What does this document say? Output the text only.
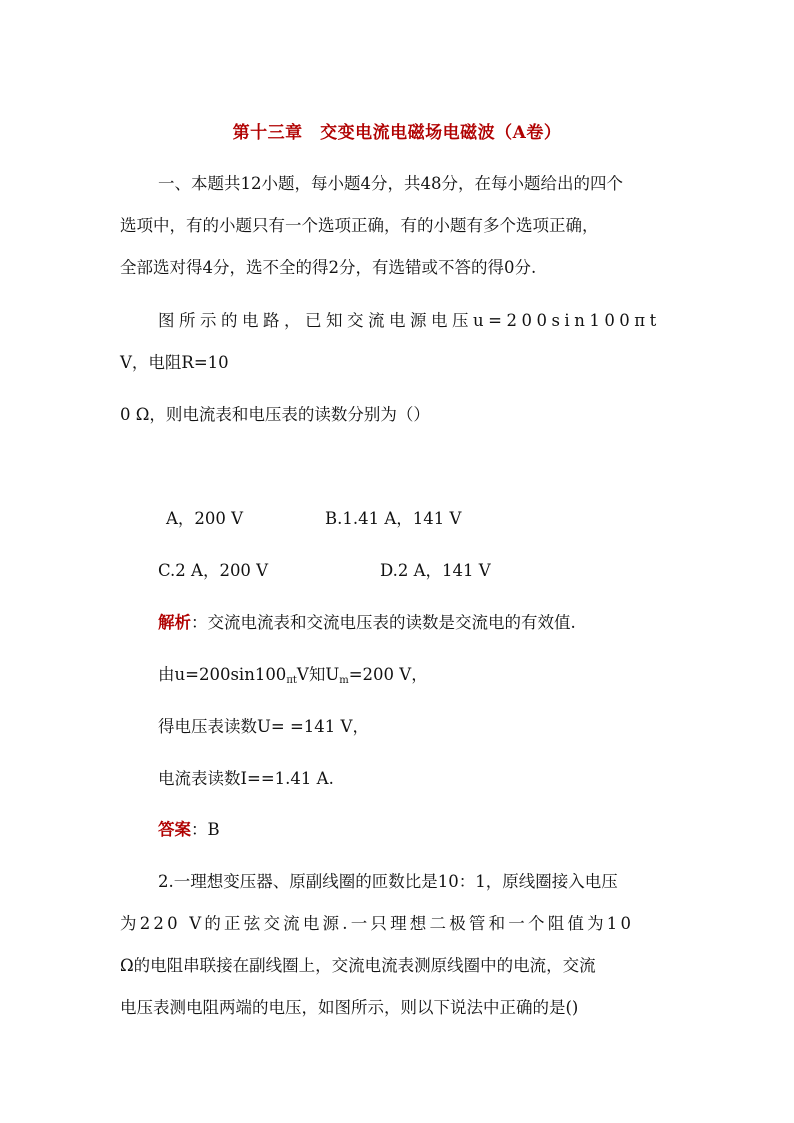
第十三章　交变电流电磁场电磁波（A卷）
一、本题共12小题，每小题4分，共48分，在每小题给出的四个
选项中，有的小题只有一个选项正确，有的小题有多个选项正确，
全部选对得4分，选不全的得2分，有选错或不答的得0分.
图所示的电路，已知交流电源电压u=200sin100πt
V，电阻R=10
0 Ω，则电流表和电压表的读数分别为（）
A，200 V	B.1.41 A，141 V
C.2 A，200 V	D.2 A，141 V
解析：交流电流表和交流电压表的读数是交流电的有效值.
由$u=200\sin 100_{\pi t}V$知$U_m=200$ V，
得电压表读数U= =141 V，
电流表读数I==1.41 A.
答案：B
2.一理想变压器、原副线圈的匝数比是10：1，原线圈接入电压
为220 V的正弦交流电源.一只理想二极管和一个阻值为10
Ω的电阻串联接在副线圈上，交流电流表测原线圈中的电流，交流
电压表测电阻两端的电压，如图所示，则以下说法中正确的是()
